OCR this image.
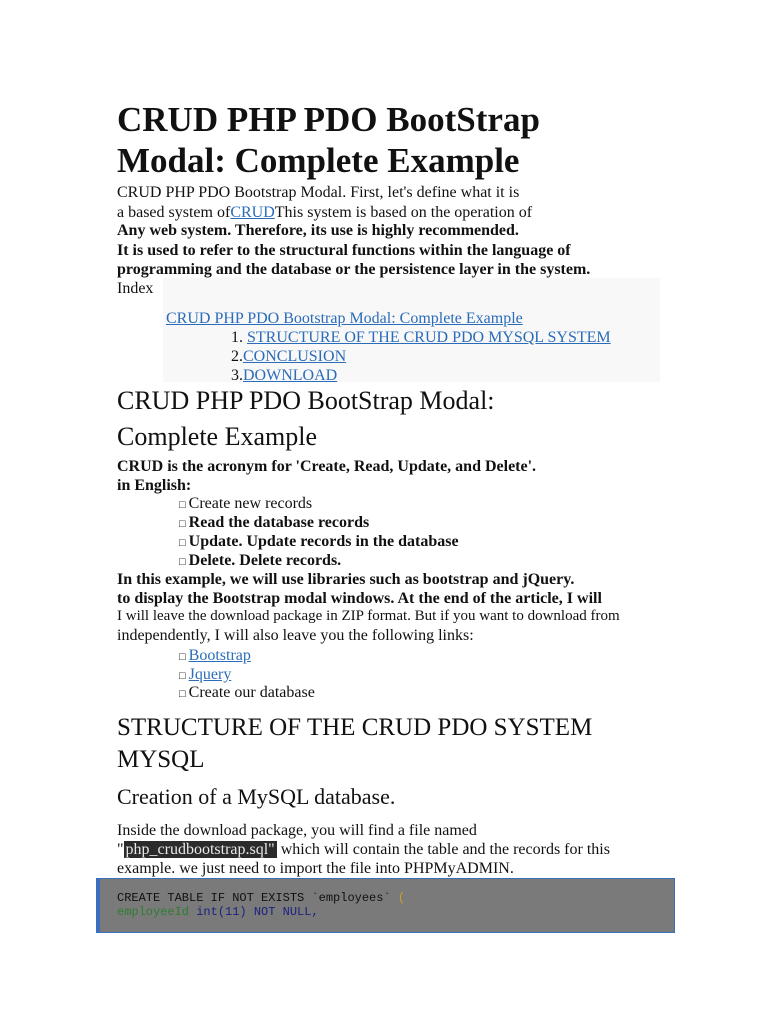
CRUD PHP PDO BootStrap
Modal: Complete Example
CRUD PHP PDO Bootstrap Modal. First, let's define what it is
a based system ofCRUDThis system is based on the operation of
Any web system. Therefore, its use is highly recommended.
It is used to refer to the structural functions within the language of
programming and the database or the persistence layer in the system.
Index
CRUD PHP PDO Bootstrap Modal: Complete Example
1. STRUCTURE OF THE CRUD PDO MYSQL SYSTEM
2.CONCLUSION
3.DOWNLOAD
CRUD PHP PDO BootStrap Modal:
Complete Example
CRUD is the acronym for 'Create, Read, Update, and Delete'.
in English:
□ Create new records
□ Read the database records
□ Update. Update records in the database
□ Delete. Delete records.
In this example, we will use libraries such as bootstrap and jQuery.
to display the Bootstrap modal windows. At the end of the article, I will
I will leave the download package in ZIP format. But if you want to download from
independently, I will also leave you the following links:
□ Bootstrap
□ Jquery
□ Create our database
STRUCTURE OF THE CRUD PDO SYSTEM
MYSQL
Creation of a MySQL database.
Inside the download package, you will find a file named
" php_crudbootstrap.sql" which will contain the table and the records for this
example. we just need to import the file into PHPMyADMIN.
CREATE TABLE IF NOT EXISTS `employees` (
employeeId int(11) NOT NULL,
